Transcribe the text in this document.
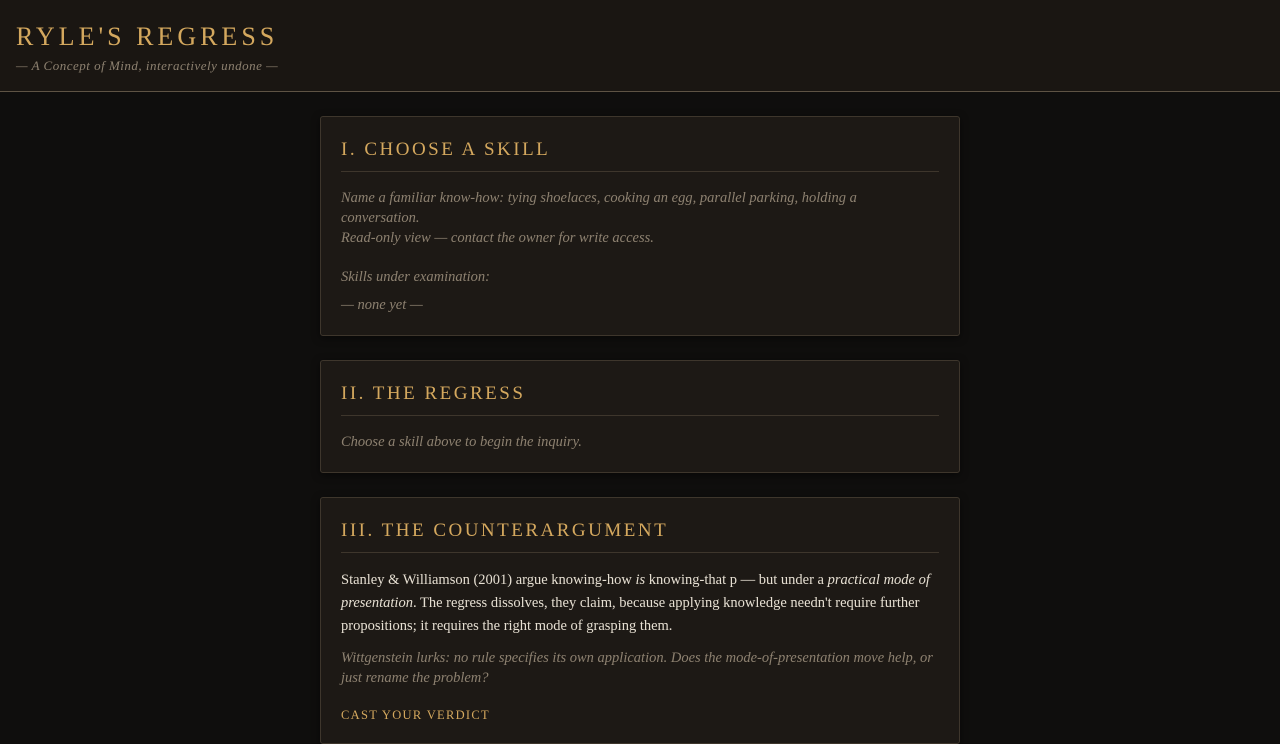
RYLE'S REGRESS
— A Concept of Mind, interactively undone —
I. CHOOSE A SKILL
Name a familiar know-how: tying shoelaces, cooking an egg, parallel parking, holding a conversation.
Read-only view — contact the owner for write access.
Skills under examination:
— none yet —
II. THE REGRESS
Choose a skill above to begin the inquiry.
III. THE COUNTERARGUMENT

Stanley & Williamson (2001) argue knowing-how is knowing-that p — but under a practical mode of presentation. The regress dissolves, they claim, because applying knowledge needn't require further propositions; it requires the right mode of grasping them.

Wittgenstein lurks: no rule specifies its own application. Does the mode-of-presentation move help, or just rename the problem?
CAST YOUR VERDICT
